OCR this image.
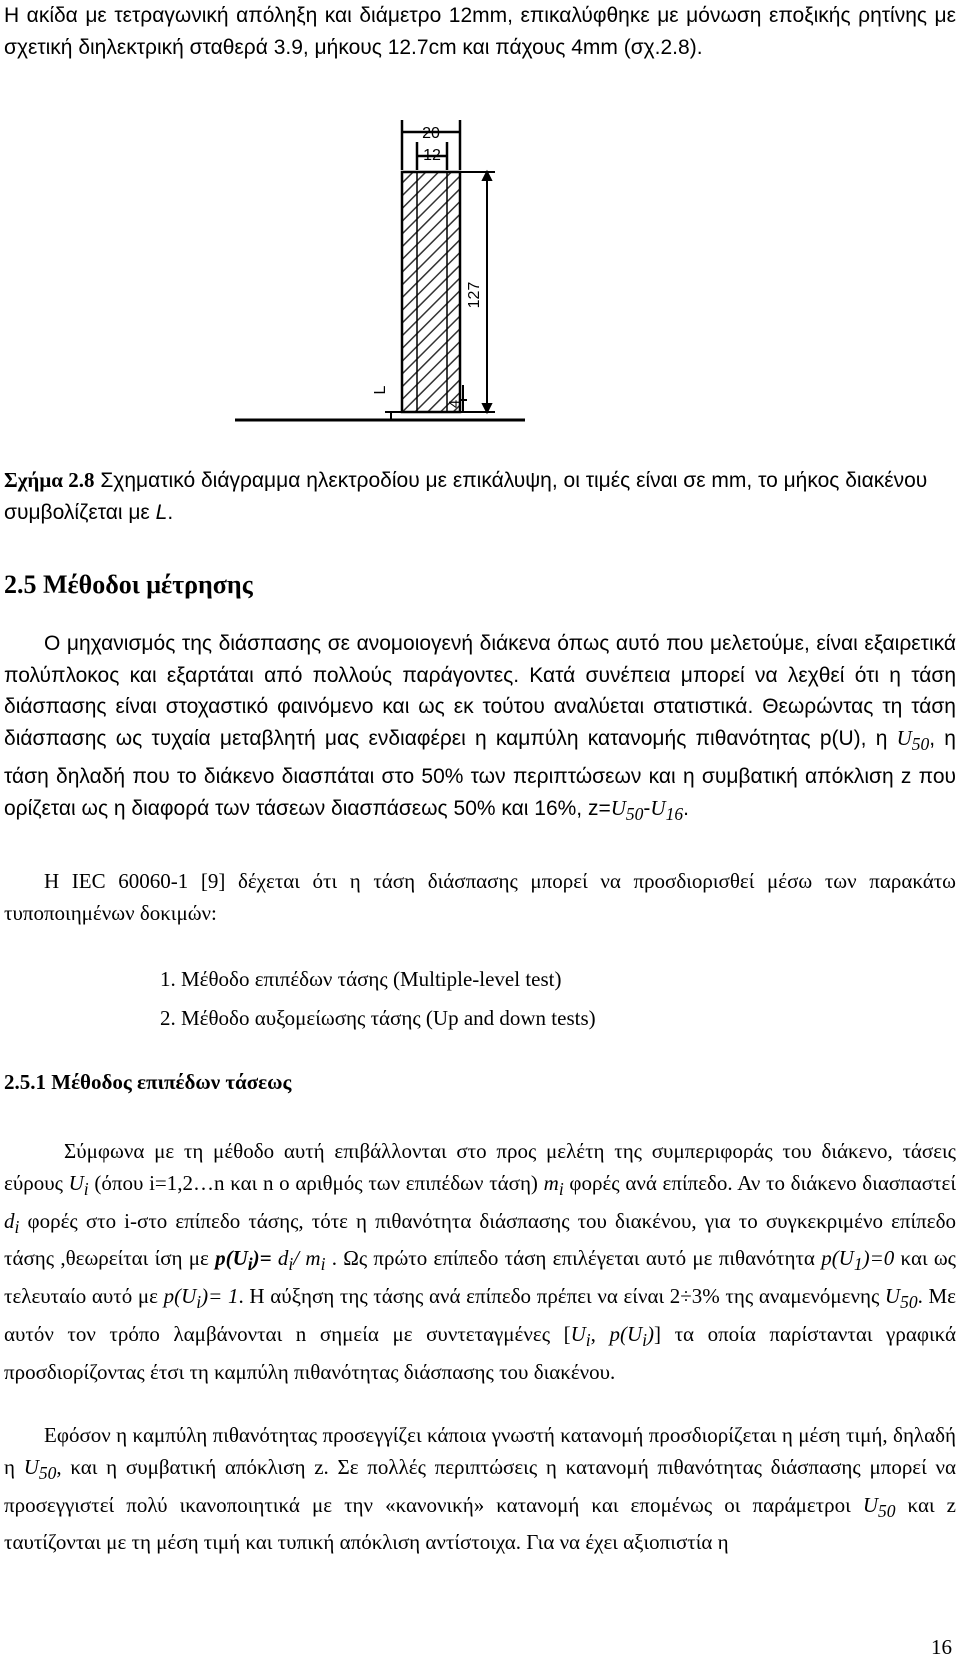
Η ακίδα με τετραγωνική απόληξη και διάμετρο 12mm, επικαλύφθηκε με μόνωση εποξικής ρητίνης με σχετική διηλεκτρική σταθερά 3.9, μήκους 12.7cm και πάχους 4mm (σχ.2.8).

20
12
127
4
L

Σχήμα 2.8 Σχηματικό διάγραμμα ηλεκτροδίου με επικάλυψη, οι τιμές είναι σε mm, το μήκος διακένου συμβολίζεται με L.

2.5 Μέθοδοι μέτρησης

Ο μηχανισμός της διάσπασης σε ανομοιογενή διάκενα όπως αυτό που μελετούμε, είναι εξαιρετικά πολύπλοκος και εξαρτάται από πολλούς παράγοντες. Κατά συνέπεια μπορεί να λεχθεί ότι η τάση διάσπασης είναι στοχαστικό φαινόμενο και ως εκ τούτου αναλύεται στατιστικά. Θεωρώντας τη τάση διάσπασης ως τυχαία μεταβλητή μας ενδιαφέρει η καμπύλη κατανομής πιθανότητας p(U), η $U_{50}$, η τάση δηλαδή που το διάκενο διασπάται στο 50% των περιπτώσεων και η συμβατική απόκλιση z που ορίζεται ως η διαφορά των τάσεων διασπάσεως 50% και 16%, $z=U_{50}-U_{16}$.

Η IEC 60060-1 [9] δέχεται ότι η τάση διάσπασης μπορεί να προσδιορισθεί μέσω των παρακάτω τυποποιημένων δοκιμών:

1. Μέθοδο επιπέδων τάσης (Multiple-level test)
2. Μέθοδο αυξομείωσης τάσης (Up and down tests)
2.5.1 Μέθοδος επιπέδων τάσεως

Σύμφωνα με τη μέθοδο αυτή επιβάλλονται στο προς μελέτη της συμπεριφοράς του διάκενο, τάσεις εύρους $U_i$ (όπου i=1,2…n και n ο αριθμός των επιπέδων τάση) $m_i$ φορές ανά επίπεδο. Αν το διάκενο διασπαστεί $d_i$ φορές στο i-στο επίπεδο τάσης, τότε η πιθανότητα διάσπασης του διακένου, για το συγκεκριμένο επίπεδο τάσης ,θεωρείται ίση με $p(U_i)= d_i/$ $m_i$ . Ως πρώτο επίπεδο τάση επιλέγεται αυτό με πιθανότητα $p(U_1)=0$ και ως τελευταίο αυτό με $p(U_i)= 1$. Η αύξηση της τάσης ανά επίπεδο πρέπει να είναι 2÷3% της αναμενόμενης $U_{50}$. Με αυτόν τον τρόπο λαμβάνονται n σημεία με συντεταγμένες [$U_i$, $p(U_i)$] τα οποία παρίστανται γραφικά προσδιορίζοντας έτσι τη καμπύλη πιθανότητας διάσπασης του διακένου.

Εφόσον η καμπύλη πιθανότητας προσεγγίζει κάποια γνωστή κατανομή προσδιορίζεται η μέση τιμή, δηλαδή η $U_{50}$, και η συμβατική απόκλιση z. Σε πολλές περιπτώσεις η κατανομή πιθανότητας διάσπασης μπορεί να προσεγγιστεί πολύ ικανοποιητικά με την «κανονική» κατανομή και επομένως οι παράμετροι $U_{50}$ και z ταυτίζονται με τη μέση τιμή και τυπική απόκλιση αντίστοιχα. Για να έχει αξιοπιστία η

16
